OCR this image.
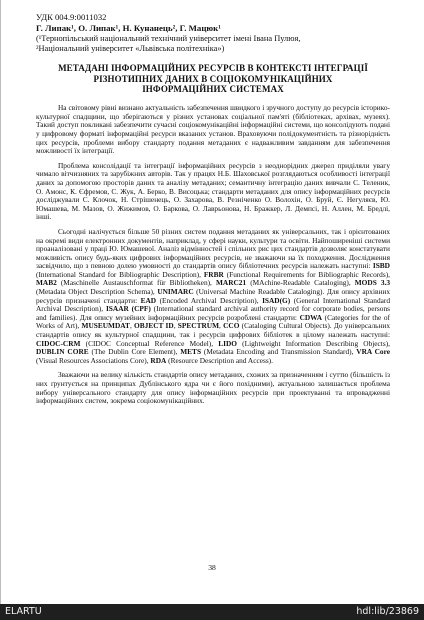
УДК 004.9:0011032
Г. Липак¹, О. Липак¹, Н. Кунанець², Г. Мацюк¹
(¹Тернопільський національний технічний університет імені Івана Пулюя,
²Національний університет «Львівська політехніка»)
МЕТАДАНІ ІНФОРМАЦІЙНИХ РЕСУРСІВ В КОНТЕКСТІ ІНТЕГРАЦІЇ
РІЗНОТИПНИХ ДАНИХ В СОЦІОКОМУНІКАЦІЙНИХ
ІНФОРМАЦІЙНИХ СИСТЕМАХ

На світовому рівні визнано актуальність забезпечення швидкого і зручного доступу до ресурсів історико-культурної спадщини, що зберігаються у різних установах соціальної пам'яті (бібліотеках, архівах, музеях). Такий доступ покликані забезпечити сучасні соціокомунікаційні інформаційні системи, що консолідують подані у цифровому форматі інформаційні ресурси вказаних установ. Враховуючи полідокументність та різнорідність цих ресурсів, проблеми вибору стандарту подання метаданих є надважливим завданням для забезпечення можливості їх інтеграції.

Проблема консолідації та інтеграції інформаційних ресурсів з неоднорідних джерел приділяли увагу чимало вітчизняних та зарубіжних авторів. Так у працях Н.Б. Шаховської розглядаються особливості інтеграції даних за допомогою просторів даних та аналізу метаданих; семантичну інтеграцію даних вивчали С. Теленик, О. Амонс, К. Єфремов, С. Жук, А. Берко, В. Висоцька; стандарти метаданих для опису інформаційних ресурсів досліджували С. Клочок, Н. Стрішенець, О. Захарова, В. Резніченко О. Волохін, О. Бруй, Є. Негуляєв, Ю. Юмашева, М. Мазов, О. Жижимов, О. Баркова, О. Лаврьонова, Н. Бражкер, Л. Демпсі, Н. Аллен, М. Бредлі, інші.

Сьогодні налічується більше 50 різних систем подання метаданих як універсальних, так і орієнтованих на окремі види електронних документів, наприклад, у сфері науки, культури та освіти. Найпоширеніші системи проаналізовані у праці Ю. Юмашевої. Аналіз відмінностей і спільних рис цих стандартів дозволяє констатувати можливість опису будь-яких цифрових інформаційних ресурсів, не зважаючи на їх походження. Дослідження засвідчило, що з певною долею умовності до стандартів опису бібліотечних ресурсів належать наступні: ISBD (International Standard for Bibliographic Description), FRBR (Functional Requirements for Bibliographic Records), MAB2 (Maschinelle Austauschformat für Bibliotheken), MARC21 (MAchine-Readable Cataloging), MODS 3.3 (Metadata Object Description Schema), UNIMARC (Universal Machine Readable Cataloging). Для опису архівних ресурсів призначені стандарти: EAD (Encoded Archival Description), ISAD(G) (General International Standard Archival Description), ISAAR (CPF) (International standard archival authority record for corporate bodies, persons and families). Для опису музейних інформаційних ресурсів розроблені стандарти: CDWA (Categories for the of Works of Art), MUSEUMDAT, OBJECT ID, SPECTRUM, CCO (Cataloging Cultural Objects). До універсальних стандартів опису як культурної спадщини, так і ресурсів цифрових бібліотек в цілому належать наступні: CIDOC-CRM (CIDOC Conceptual Reference Model), LIDO (Lightweight Information Describing Objects), DUBLIN CORE (The Dublin Core Element), METS (Metadata Encoding and Transmission Standard), VRA Core (Visual Resources Associations Core), RDA (Resource Description and Access).

Зважаючи на велику кількість стандартів опису метаданих, схожих за призначенням і суттю (більшість із них ґрунтується на принципах Дублінського ядра чи є його похідними), актуальною залишається проблема вибору універсального стандарту для опису інформаційних ресурсів при проектуванні та впровадженні інформаційних систем, зокрема соціокомунікаційних.

38
ELARTU	hdl:lib/23869
